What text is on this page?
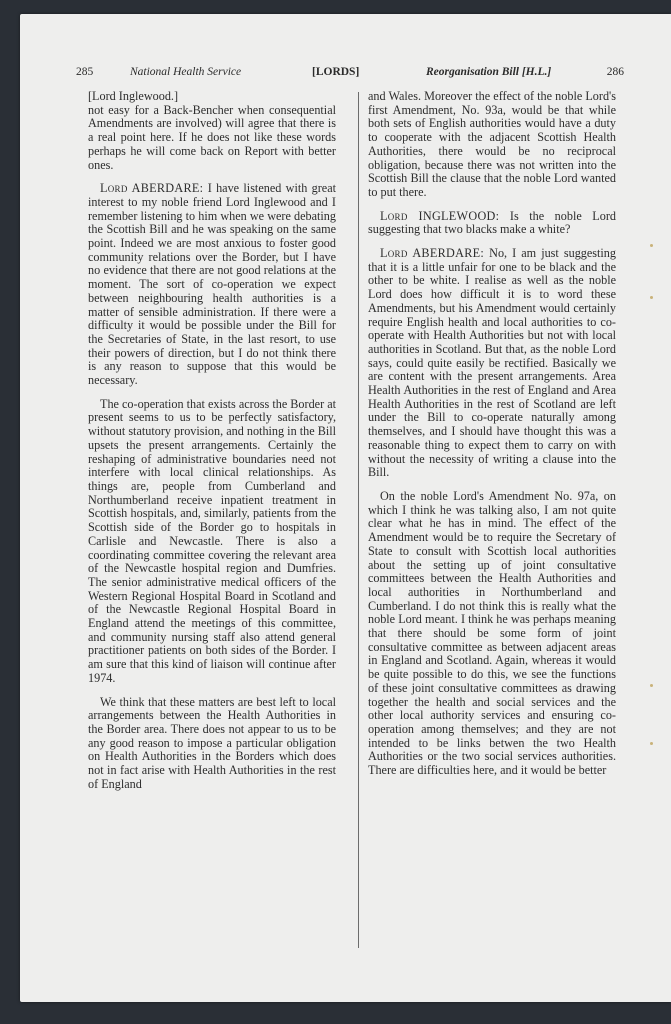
285	National Health Service	[LORDS]	Reorganisation Bill [H.L.]	286

[Lord Inglewood.]

not easy for a Back-Bencher when consequential Amendments are involved) will agree that there is a real point here. If he does not like these words perhaps he will come back on Report with better ones.

Lord ABERDARE: I have listened with great interest to my noble friend Lord Inglewood and I remember listening to him when we were debating the Scottish Bill and he was speaking on the same point. Indeed we are most anxious to foster good community relations over the Border, but I have no evidence that there are not good relations at the moment. The sort of co-operation we expect between neighbouring health authorities is a matter of sensible administration. If there were a difficulty it would be possible under the Bill for the Secretaries of State, in the last resort, to use their powers of direction, but I do not think there is any reason to suppose that this would be necessary.

The co-operation that exists across the Border at present seems to us to be perfectly satisfactory, without statutory provision, and nothing in the Bill upsets the present arrangements. Certainly the reshaping of administrative boundaries need not interfere with local clinical relationships. As things are, people from Cumberland and Northumberland receive inpatient treatment in Scottish hospitals, and, similarly, patients from the Scottish side of the Border go to hospitals in Carlisle and Newcastle. There is also a coordinating committee covering the relevant area of the Newcastle hospital region and Dumfries. The senior administrative medical officers of the Western Regional Hospital Board in Scotland and of the Newcastle Regional Hospital Board in England attend the meetings of this committee, and community nursing staff also attend general practitioner patients on both sides of the Border. I am sure that this kind of liaison will continue after 1974.

We think that these matters are best left to local arrangements between the Health Authorities in the Border area. There does not appear to us to be any good reason to impose a particular obligation on Health Authorities in the Borders which does not in fact arise with Health Authorities in the rest of England

and Wales. Moreover the effect of the noble Lord's first Amendment, No. 93a, would be that while both sets of English authorities would have a duty to cooperate with the adjacent Scottish Health Authorities, there would be no reciprocal obligation, because there was not written into the Scottish Bill the clause that the noble Lord wanted to put there.

Lord INGLEWOOD: Is the noble Lord suggesting that two blacks make a white?

Lord ABERDARE: No, I am just suggesting that it is a little unfair for one to be black and the other to be white. I realise as well as the noble Lord does how difficult it is to word these Amendments, but his Amendment would certainly require English health and local authorities to co-operate with Health Authorities but not with local authorities in Scotland. But that, as the noble Lord says, could quite easily be rectified. Basically we are content with the present arrangements. Area Health Authorities in the rest of England and Area Health Authorities in the rest of Scotland are left under the Bill to co-operate naturally among themselves, and I should have thought this was a reasonable thing to expect them to carry on with without the necessity of writing a clause into the Bill.

On the noble Lord's Amendment No. 97a, on which I think he was talking also, I am not quite clear what he has in mind. The effect of the Amendment would be to require the Secretary of State to consult with Scottish local authorities about the setting up of joint consultative committees between the Health Authorities and local authorities in Northumberland and Cumberland. I do not think this is really what the noble Lord meant. I think he was perhaps meaning that there should be some form of joint consultative committee as between adjacent areas in England and Scotland. Again, whereas it would be quite possible to do this, we see the functions of these joint consultative committees as drawing together the health and social services and the other local authority services and ensuring co-operation among themselves; and they are not intended to be links betwen the two Health Authorities or the two social services authorities. There are difficulties here, and it would be better
